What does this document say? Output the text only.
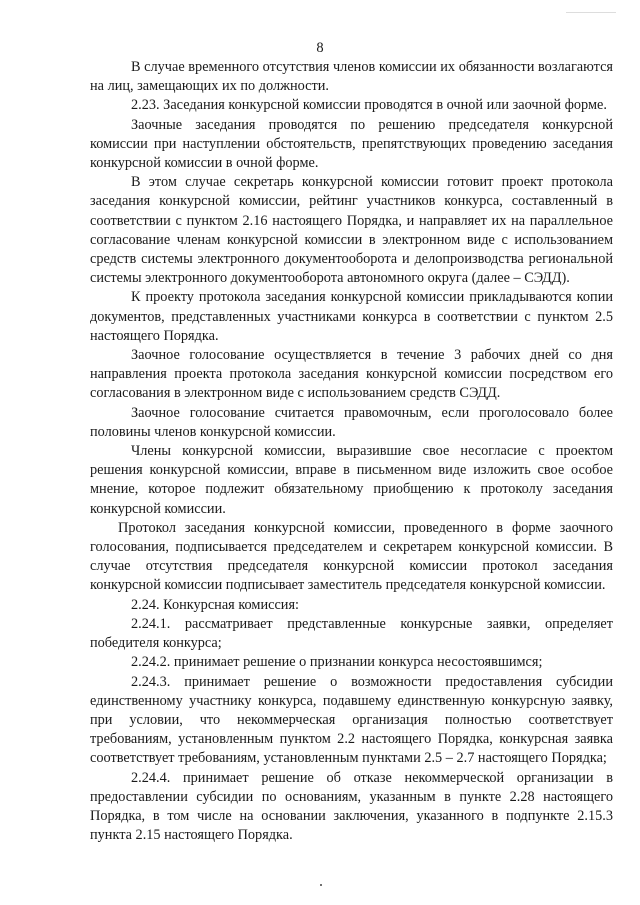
8

В случае временного отсутствия членов комиссии их обязанности возлагаются на лиц, замещающих их по должности.

2.23. Заседания конкурсной комиссии проводятся в очной или заочной форме.

Заочные заседания проводятся по решению председателя конкурсной комиссии при наступлении обстоятельств, препятствующих проведению заседания конкурсной комиссии в очной форме.

В этом случае секретарь конкурсной комиссии готовит проект протокола заседания конкурсной комиссии, рейтинг участников конкурса, составленный в соответствии с пунктом 2.16 настоящего Порядка, и направляет их на параллельное согласование членам конкурсной комиссии в электронном виде с использованием средств системы электронного документооборота и делопроизводства региональной системы электронного документооборота автономного округа (далее – СЭДД).

К проекту протокола заседания конкурсной комиссии прикладываются копии документов, представленных участниками конкурса в соответствии с пунктом 2.5 настоящего Порядка.

Заочное голосование осуществляется в течение 3 рабочих дней со дня направления проекта протокола заседания конкурсной комиссии посредством его согласования в электронном виде с использованием средств СЭДД.

Заочное голосование считается правомочным, если проголосовало более половины членов конкурсной комиссии.

Члены конкурсной комиссии, выразившие свое несогласие с проектом решения конкурсной комиссии, вправе в письменном виде изложить свое особое мнение, которое подлежит обязательному приобщению к протоколу заседания конкурсной комиссии.

Протокол заседания конкурсной комиссии, проведенного в форме заочного голосования, подписывается председателем и секретарем конкурсной комиссии. В случае отсутствия председателя конкурсной комиссии протокол заседания конкурсной комиссии подписывает заместитель председателя конкурсной комиссии.

2.24. Конкурсная комиссия:

2.24.1. рассматривает представленные конкурсные заявки, определяет победителя конкурса;

2.24.2. принимает решение о признании конкурса несостоявшимся;

2.24.3. принимает решение о возможности предоставления субсидии единственному участнику конкурса, подавшему единственную конкурсную заявку, при условии, что некоммерческая организация полностью соответствует требованиям, установленным пунктом 2.2 настоящего Порядка, конкурсная заявка соответствует требованиям, установленным пунктами 2.5 – 2.7 настоящего Порядка;

2.24.4. принимает решение об отказе некоммерческой организации в предоставлении субсидии по основаниям, указанным в пункте 2.28 настоящего Порядка, в том числе на основании заключения, указанного в подпункте 2.15.3 пункта 2.15 настоящего Порядка.
